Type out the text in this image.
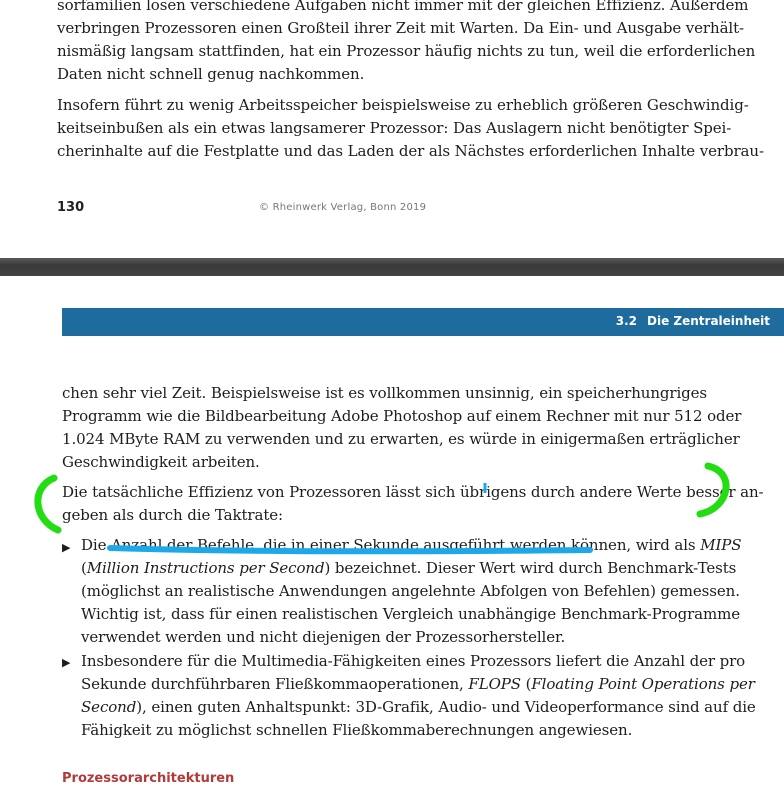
sorfamilien lösen verschiedene Aufgaben nicht immer mit der gleichen Effizienz. Außerdem
verbringen Prozessoren einen Großteil ihrer Zeit mit Warten. Da Ein- und Ausgabe verhält-
nismäßig langsam stattfinden, hat ein Prozessor häufig nichts zu tun, weil die erforderlichen
Daten nicht schnell genug nachkommen.
Insofern führt zu wenig Arbeitsspeicher beispielsweise zu erheblich größeren Geschwindig-
keitseinbußen als ein etwas langsamerer Prozessor: Das Auslagern nicht benötigter Spei-
cherinhalte auf die Festplatte und das Laden der als Nächstes erforderlichen Inhalte verbrau-
130	© Rheinwerk Verlag, Bonn 2019
3.2 Die Zentraleinheit
chen sehr viel Zeit. Beispielsweise ist es vollkommen unsinnig, ein speicherhungriges
Programm wie die Bildbearbeitung Adobe Photoshop auf einem Rechner mit nur 512 oder
1.024 MByte RAM zu verwenden und zu erwarten, es würde in einigermaßen erträglicher
Geschwindigkeit arbeiten.
Die tatsächliche Effizienz von Prozessoren lässt sich übrigens durch andere Werte besser an-
geben als durch die Taktrate:
▶ Die Anzahl der Befehle, die in einer Sekunde ausgeführt werden können, wird als MIPS
(Million Instructions per Second) bezeichnet. Dieser Wert wird durch Benchmark-Tests
(möglichst an realistische Anwendungen angelehnte Abfolgen von Befehlen) gemessen.
Wichtig ist, dass für einen realistischen Vergleich unabhängige Benchmark-Programme
verwendet werden und nicht diejenigen der Prozessorhersteller.
▶ Insbesondere für die Multimedia-Fähigkeiten eines Prozessors liefert die Anzahl der pro
Sekunde durchführbaren Fließkommaoperationen, FLOPS (Floating Point Operations per
Second), einen guten Anhaltspunkt: 3D-Grafik, Audio- und Videoperformance sind auf die
Fähigkeit zu möglichst schnellen Fließkommaberechnungen angewiesen.
Prozessorarchitekturen
